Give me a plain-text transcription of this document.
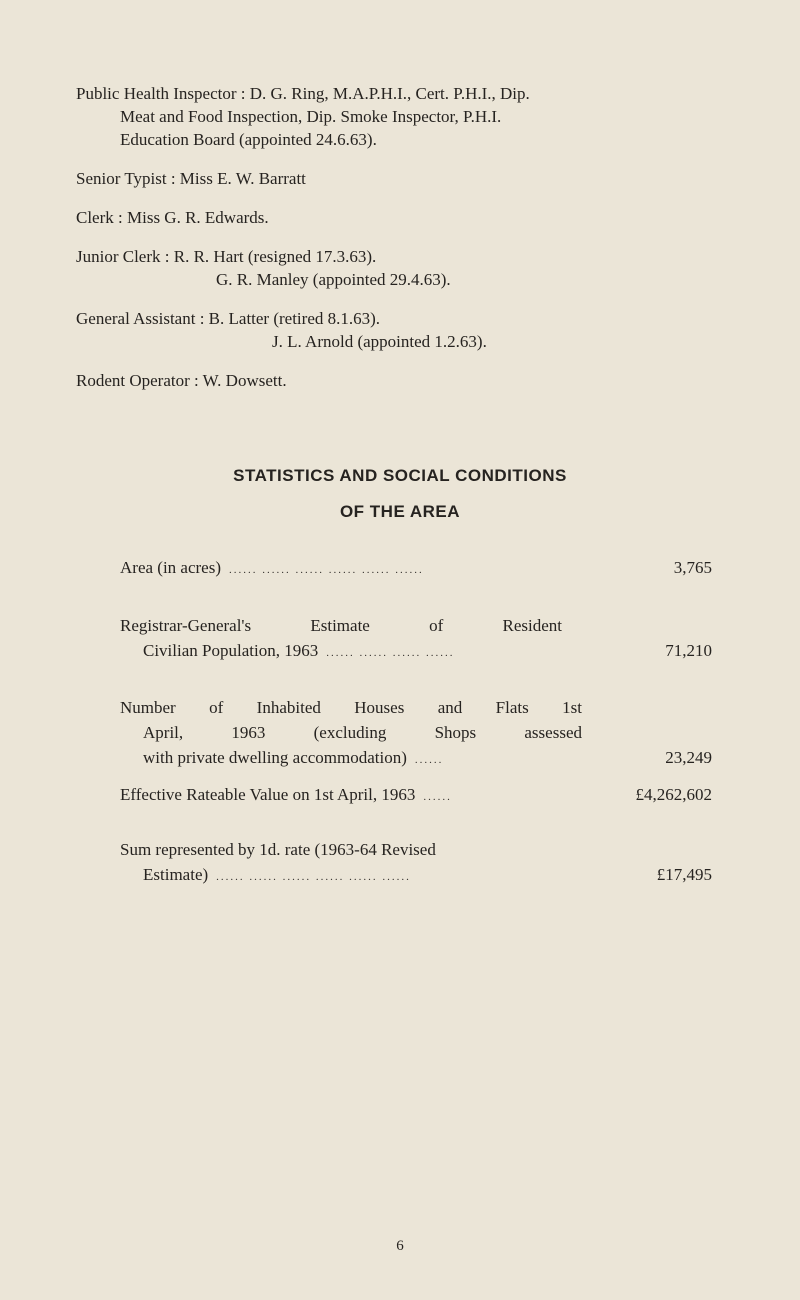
Public Health Inspector : D. G. Ring, M.A.P.H.I., Cert. P.H.I., Dip.
Meat and Food Inspection, Dip. Smoke Inspector, P.H.I.
Education Board (appointed 24.6.63).

Senior Typist : Miss E. W. Barratt

Clerk : Miss G. R. Edwards.

Junior Clerk : R. R. Hart (resigned 17.3.63).
G. R. Manley (appointed 29.4.63).

General Assistant : B. Latter (retired 8.1.63).
J. L. Arnold (appointed 1.2.63).

Rodent Operator : W. Dowsett.

STATISTICS AND SOCIAL CONDITIONS
OF THE AREA
Area (in acres) ...... ...... ...... ...... ...... ......	3,765
Registrar-General's Estimate of Resident
Civilian Population, 1963 ...... ...... ...... ......	71,210
Number of Inhabited Houses and Flats 1st
April, 1963 (excluding Shops assessed
with private dwelling accommodation) ......	23,249
Effective Rateable Value on 1st April, 1963 ......	£4,262,602
Sum represented by 1d. rate (1963-64 Revised
Estimate) ...... ...... ...... ...... ...... ......	£17,495
6
